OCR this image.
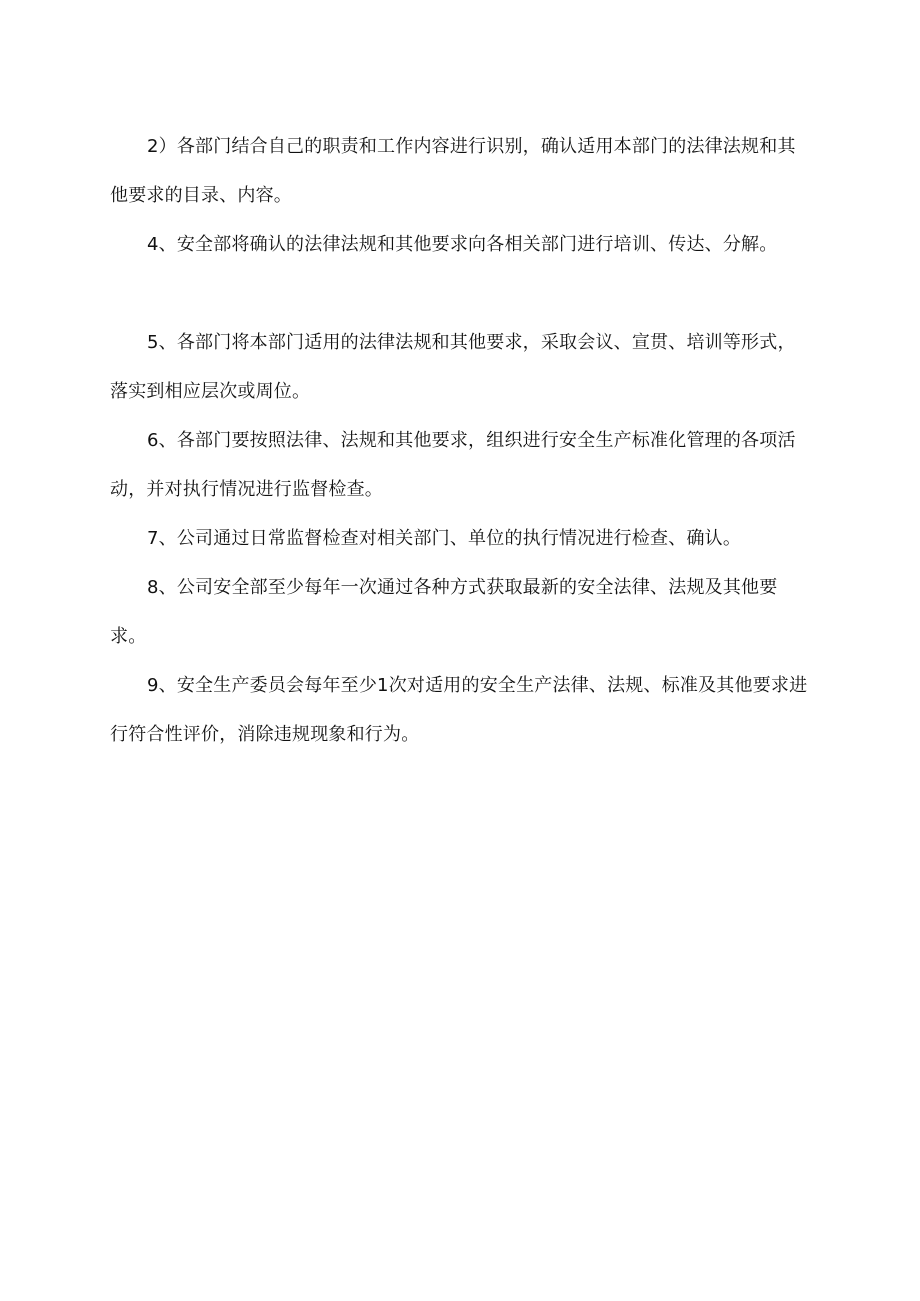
2）各部门结合自己的职责和工作内容进行识别，确认适用本部门的法律法规和其他要求的目录、内容。

4、安全部将确认的法律法规和其他要求向各相关部门进行培训、传达、分解。

5、各部门将本部门适用的法律法规和其他要求，采取会议、宣贯、培训等形式，落实到相应层次或周位。

6、各部门要按照法律、法规和其他要求，组织进行安全生产标准化管理的各项活动，并对执行情况进行监督检查。

7、公司通过日常监督检查对相关部门、单位的执行情况进行检查、确认。

8、公司安全部至少每年一次通过各种方式获取最新的安全法律、法规及其他要求。

9、安全生产委员会每年至少1次对适用的安全生产法律、法规、标准及其他要求进行符合性评价，消除违规现象和行为。
